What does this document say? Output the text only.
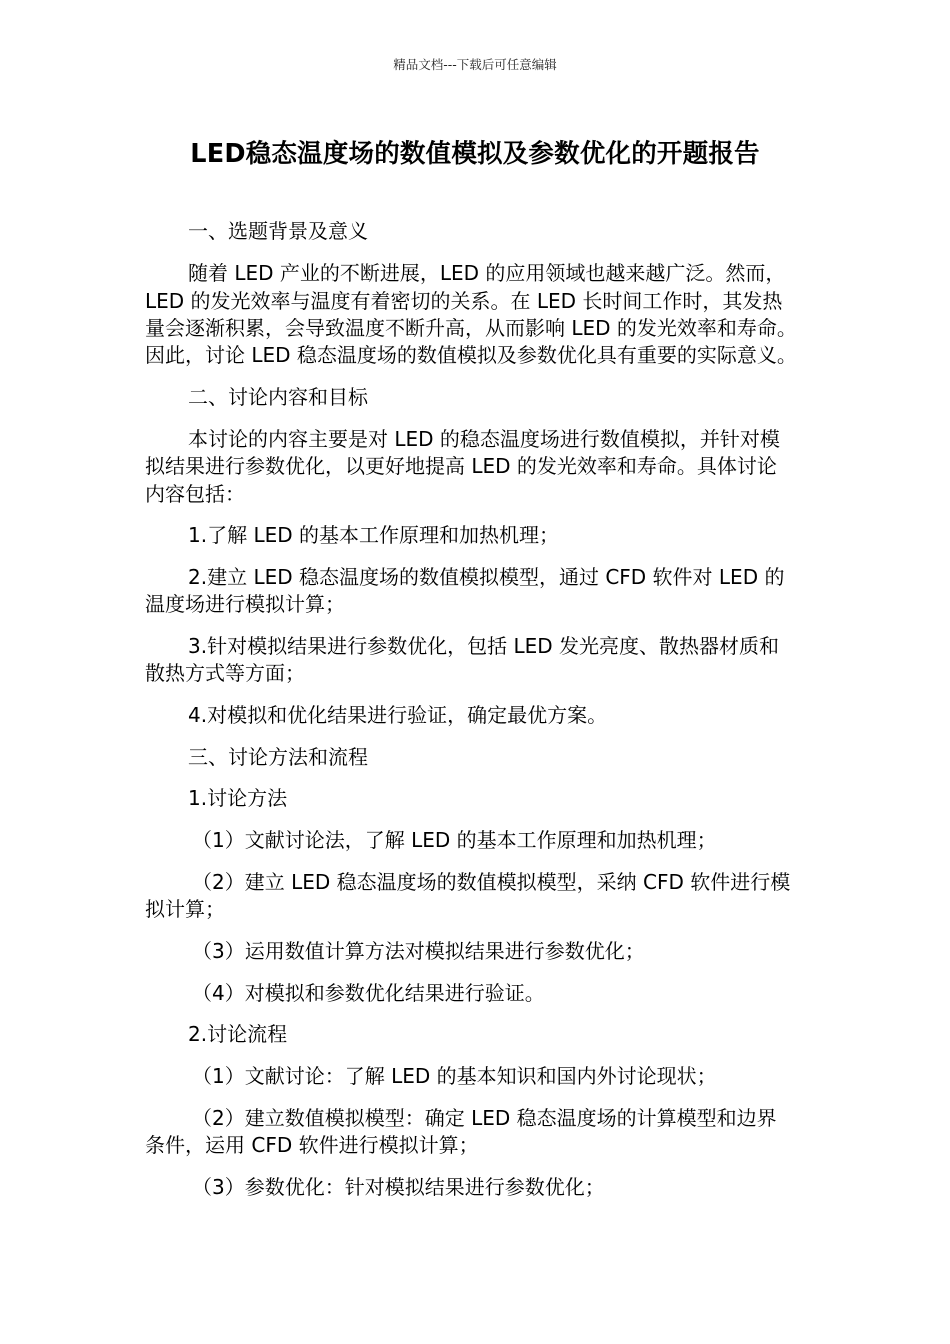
精品文档---下载后可任意编辑
LED稳态温度场的数值模拟及参数优化的开题报告
一、选题背景及意义
随着 LED 产业的不断进展，LED 的应用领域也越来越广泛。然而，
LED 的发光效率与温度有着密切的关系。在 LED 长时间工作时，其发热
量会逐渐积累，会导致温度不断升高，从而影响 LED 的发光效率和寿命。
因此，讨论 LED 稳态温度场的数值模拟及参数优化具有重要的实际意义。
二、讨论内容和目标
本讨论的内容主要是对 LED 的稳态温度场进行数值模拟，并针对模
拟结果进行参数优化，以更好地提高 LED 的发光效率和寿命。具体讨论
内容包括：
1.了解 LED 的基本工作原理和加热机理；
2.建立 LED 稳态温度场的数值模拟模型，通过 CFD 软件对 LED 的
温度场进行模拟计算；
3.针对模拟结果进行参数优化，包括 LED 发光亮度、散热器材质和
散热方式等方面；
4.对模拟和优化结果进行验证，确定最优方案。
三、讨论方法和流程
1.讨论方法
（1）文献讨论法，了解 LED 的基本工作原理和加热机理；
（2）建立 LED 稳态温度场的数值模拟模型，采纳 CFD 软件进行模
拟计算；
（3）运用数值计算方法对模拟结果进行参数优化；
（4）对模拟和参数优化结果进行验证。
2.讨论流程
（1）文献讨论：了解 LED 的基本知识和国内外讨论现状；
（2）建立数值模拟模型：确定 LED 稳态温度场的计算模型和边界
条件，运用 CFD 软件进行模拟计算；
（3）参数优化：针对模拟结果进行参数优化；
